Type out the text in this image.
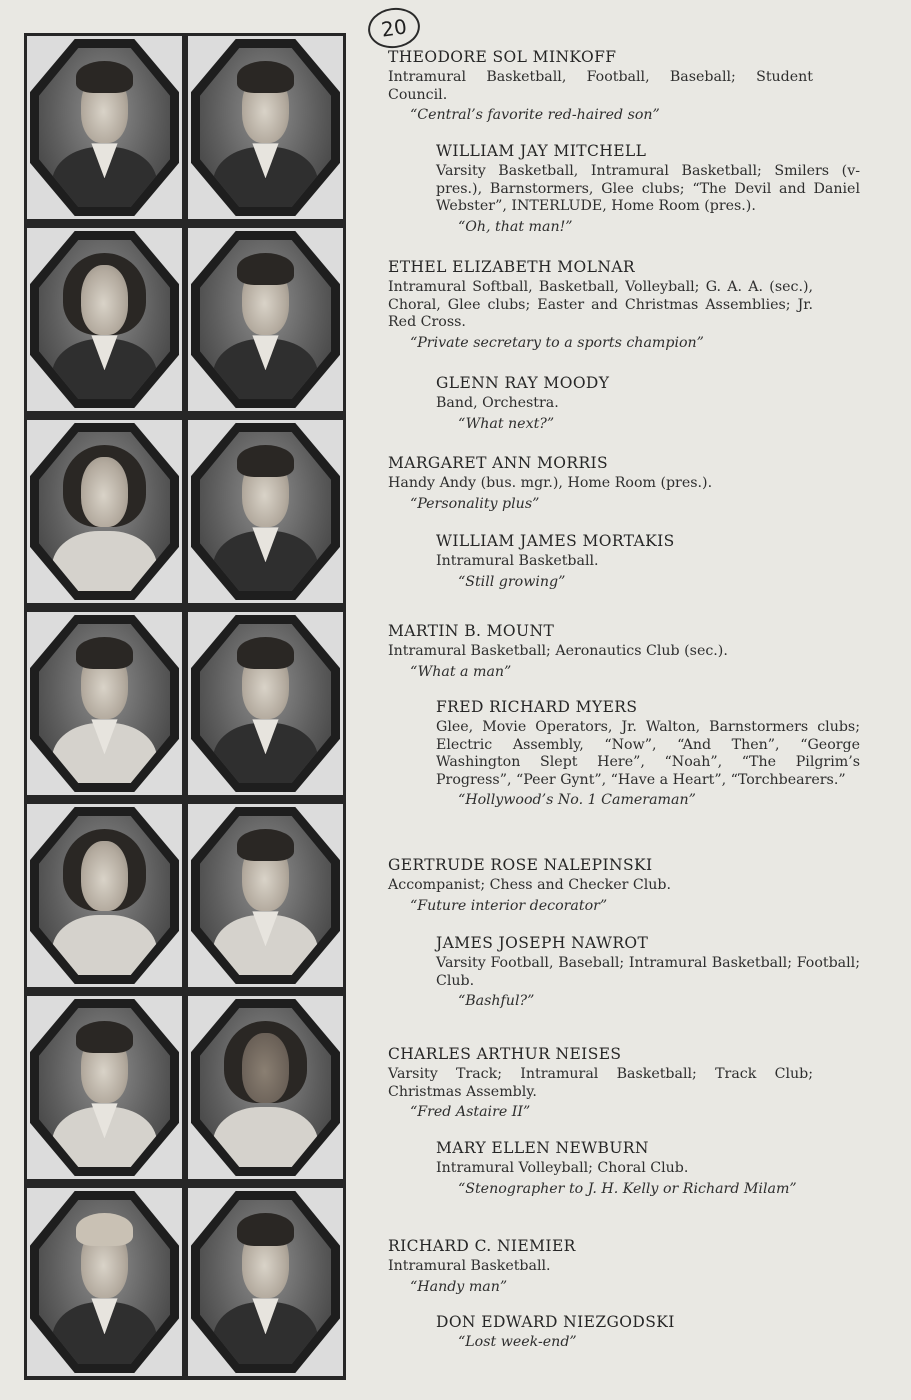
20

THEODORE SOL MINKOFF

Intramural Basketball, Football, Baseball; Student Council.

“Central’s favorite red-haired son”

WILLIAM JAY MITCHELL

Varsity Basketball, Intramural Basketball; Smilers (v-pres.), Barnstormers, Glee clubs; “The Devil and Daniel Webster”, INTERLUDE, Home Room (pres.).

“Oh, that man!”

ETHEL ELIZABETH MOLNAR

Intramural Softball, Basketball, Volleyball; G. A. A. (sec.), Choral, Glee clubs; Easter and Christmas Assemblies; Jr. Red Cross.

“Private secretary to a sports champion”

GLENN RAY MOODY

Band, Orchestra.

“What next?”

MARGARET ANN MORRIS

Handy Andy (bus. mgr.), Home Room (pres.).

“Personality plus”

WILLIAM JAMES MORTAKIS

Intramural Basketball.

“Still growing”

MARTIN B. MOUNT

Intramural Basketball; Aeronautics Club (sec.).

“What a man”

FRED RICHARD MYERS

Glee, Movie Operators, Jr. Walton, Barnstormers clubs; Electric Assembly, “Now”, “And Then”, “George Washington Slept Here”, “Noah”, “The Pilgrim’s Progress”, “Peer Gynt”, “Have a Heart”, “Torchbearers.”

“Hollywood’s No. 1 Cameraman”

GERTRUDE ROSE NALEPINSKI

Accompanist; Chess and Checker Club.

“Future interior decorator”

JAMES JOSEPH NAWROT

Varsity Football, Baseball; Intramural Basketball; Football; Club.

“Bashful?”

CHARLES ARTHUR NEISES

Varsity Track; Intramural Basketball; Track Club; Christmas Assembly.

“Fred Astaire II”

MARY ELLEN NEWBURN

Intramural Volleyball; Choral Club.

“Stenographer to J. H. Kelly or Richard Milam”

RICHARD C. NIEMIER

Intramural Basketball.

“Handy man”

DON EDWARD NIEZGODSKI

“Lost week-end”
